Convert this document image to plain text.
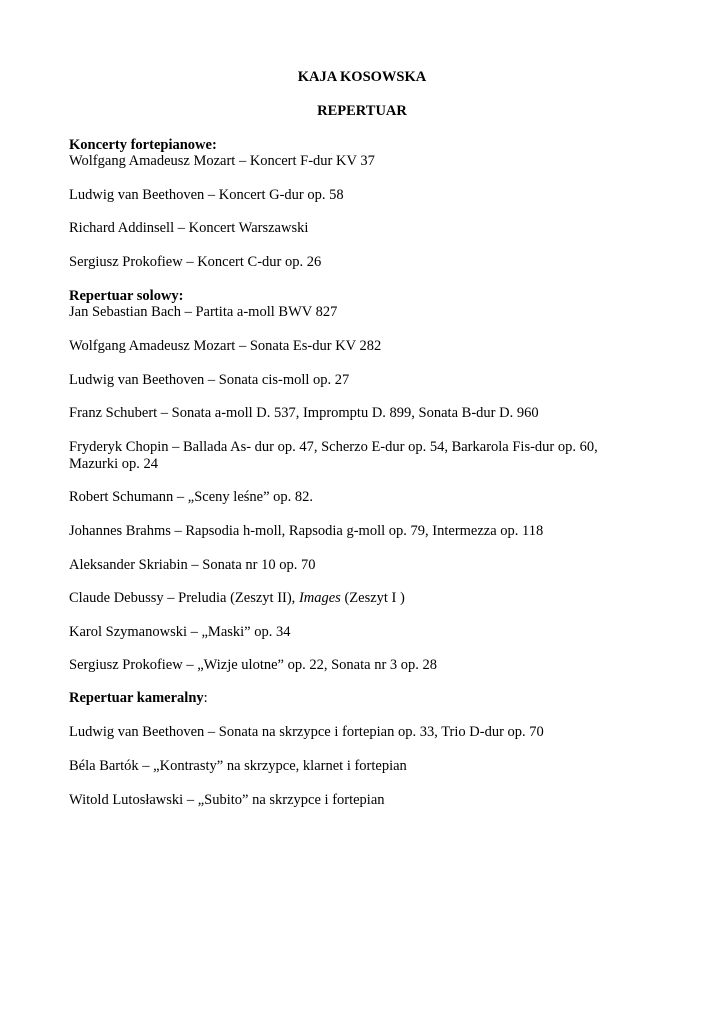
KAJA KOSOWSKA
REPERTUAR
Koncerty fortepianowe:
Wolfgang Amadeusz Mozart – Koncert F-dur KV 37
Ludwig van Beethoven – Koncert G-dur op. 58
Richard Addinsell – Koncert Warszawski
Sergiusz Prokofiew – Koncert C-dur op. 26
Repertuar solowy:
Jan Sebastian Bach – Partita a-moll BWV 827
Wolfgang Amadeusz Mozart – Sonata Es-dur KV 282
Ludwig van Beethoven – Sonata cis-moll op. 27
Franz Schubert – Sonata a-moll D. 537, Impromptu D. 899, Sonata B-dur D. 960
Fryderyk Chopin – Ballada As- dur op. 47, Scherzo E-dur op. 54, Barkarola Fis-dur op. 60, Mazurki op. 24
Robert Schumann – „Sceny leśne” op. 82.
Johannes Brahms – Rapsodia h-moll, Rapsodia g-moll op. 79, Intermezza op. 118
Aleksander Skriabin – Sonata nr 10 op. 70
Claude Debussy – Preludia (Zeszyt II), Images (Zeszyt I )
Karol Szymanowski – „Maski” op. 34
Sergiusz Prokofiew – „Wizje ulotne” op. 22, Sonata nr 3 op. 28
Repertuar kameralny:
Ludwig van Beethoven – Sonata na skrzypce i fortepian op. 33, Trio D-dur op. 70
Béla Bartók – „Kontrasty” na skrzypce, klarnet i fortepian
Witold Lutosławski – „Subito” na skrzypce i fortepian
